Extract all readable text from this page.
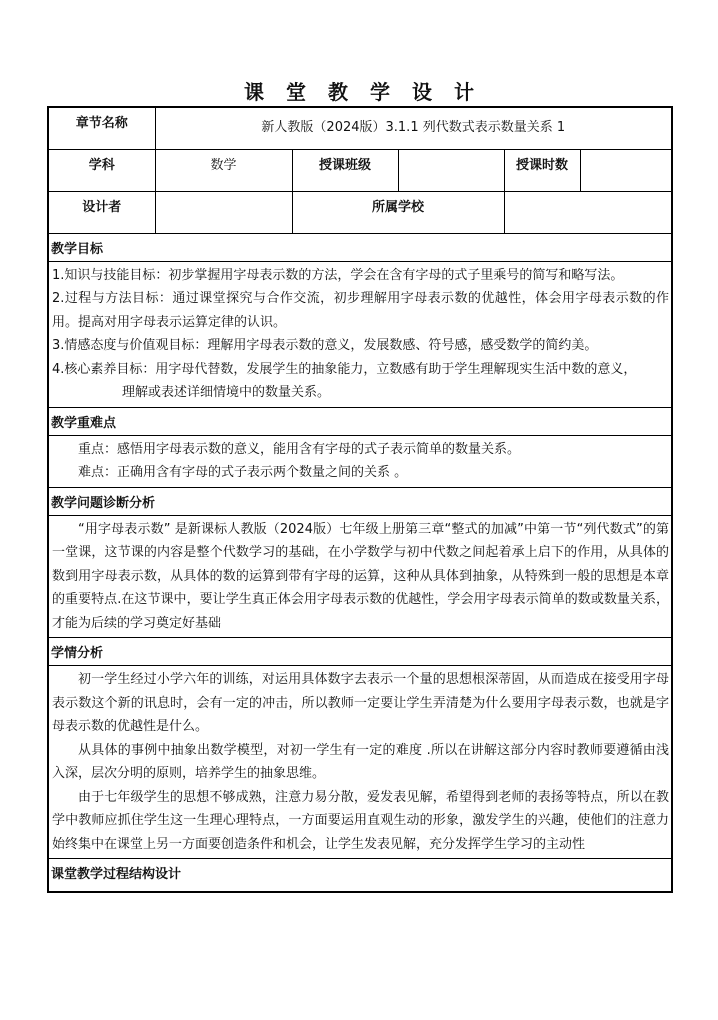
课堂教学设计
章节名称	新人教版（2024版）3.1.1 列代数式表示数量关系 1				
学科	数学	授课班级		授课时数	
设计者		所属学校			
教学目标					

1.知识与技能目标：初步掌握用字母表示数的方法，学会在含有字母的式子里乘号的简写和略写法。

2.过程与方法目标：通过课堂探究与合作交流，初步理解用字母表示数的优越性，体会用字母表示数的作用。提高对用字母表示运算定律的认识。

3.情感态度与价值观目标：理解用字母表示数的意义，发展数感、符号感，感受数学的简约美。

4.核心素养目标：用字母代替数，发展学生的抽象能力，立数感有助于学生理解现实生活中数的意义，

理解或表述详细情境中的数量关系。					

教学重难点					

重点：感悟用字母表示数的意义，能用含有字母的式子表示简单的数量关系。

难点：正确用含有字母的式子表示两个数量之间的关系 。					

教学问题诊断分析					

“用字母表示数” 是新课标人教版（2024版）七年级上册第三章“整式的加减”中第一节“列代数式”的第一堂课，这节课的内容是整个代数学习的基础，在小学数学与初中代数之间起着承上启下的作用，从具体的数到用字母表示数，从具体的数的运算到带有字母的运算，这种从具体到抽象，从特殊到一般的思想是本章的重要特点.在这节课中，要让学生真正体会用字母表示数的优越性，学会用字母表示简单的数或数量关系，才能为后续的学习奠定好基础					

学情分析					

初一学生经过小学六年的训练，对运用具体数字去表示一个量的思想根深蒂固，从而造成在接受用字母表示数这个新的讯息时，会有一定的冲击，所以教师一定要让学生弄清楚为什么要用字母表示数，也就是字母表示数的优越性是什么。

从具体的事例中抽象出数学模型，对初一学生有一定的难度 .所以在讲解这部分内容时教师要遵循由浅入深，层次分明的原则，培养学生的抽象思维。

由于七年级学生的思想不够成熟，注意力易分散，爱发表见解，希望得到老师的表扬等特点，所以在教学中教师应抓住学生这一生理心理特点，一方面要运用直观生动的形象，激发学生的兴趣，使他们的注意力始终集中在课堂上另一方面要创造条件和机会，让学生发表见解，充分发挥学生学习的主动性					

课堂教学过程结构设计					
